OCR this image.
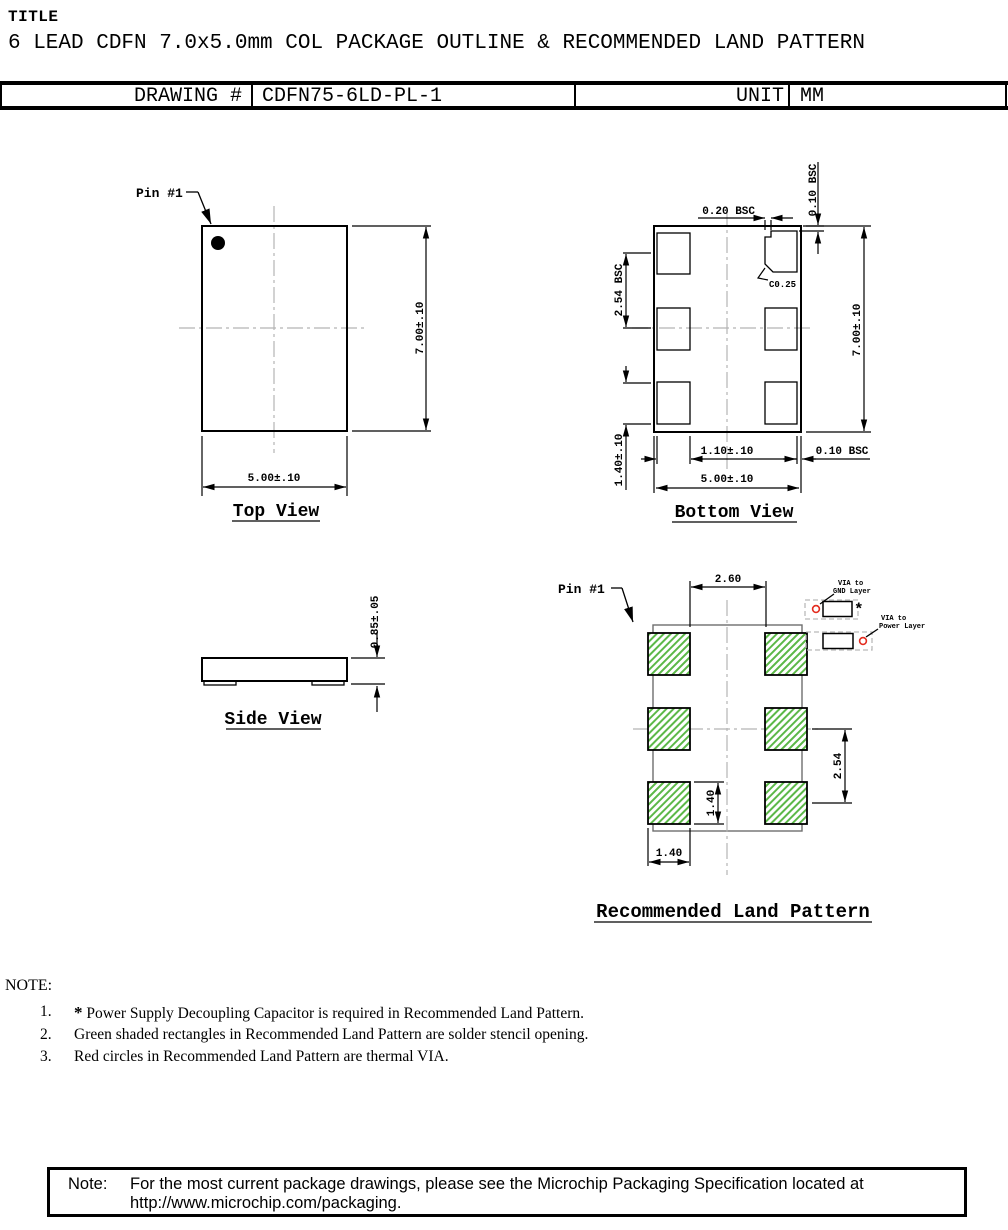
TITLE
6 LEAD CDFN 7.0x5.0mm COL PACKAGE OUTLINE & RECOMMENDED LAND PATTERN
DRAWING # CDFN75-6LD-PL-1	UNIT MM
Pin #1
7.00±.10
5.00±.10
Top View
0.20 BSC	0.10 BSC
C0.25
2.54 BSC
1.40±.10	1.10±.10	0.10 BSC
5.00±.10
7.00±.10
Bottom View
0.85±.05
Side View
Pin #1
2.60
2.54
1.40
1.40
*
VIA to
GND Layer
VIA to
Power Layer
Recommended Land Pattern
NOTE:
1. * Power Supply Decoupling Capacitor is required in Recommended Land Pattern.
2. Green shaded rectangles in Recommended Land Pattern are solder stencil opening.
3. Red circles in Recommended Land Pattern are thermal VIA.
Note: For the most current package drawings, please see the Microchip Packaging Specification located at
http://www.microchip.com/packaging.
